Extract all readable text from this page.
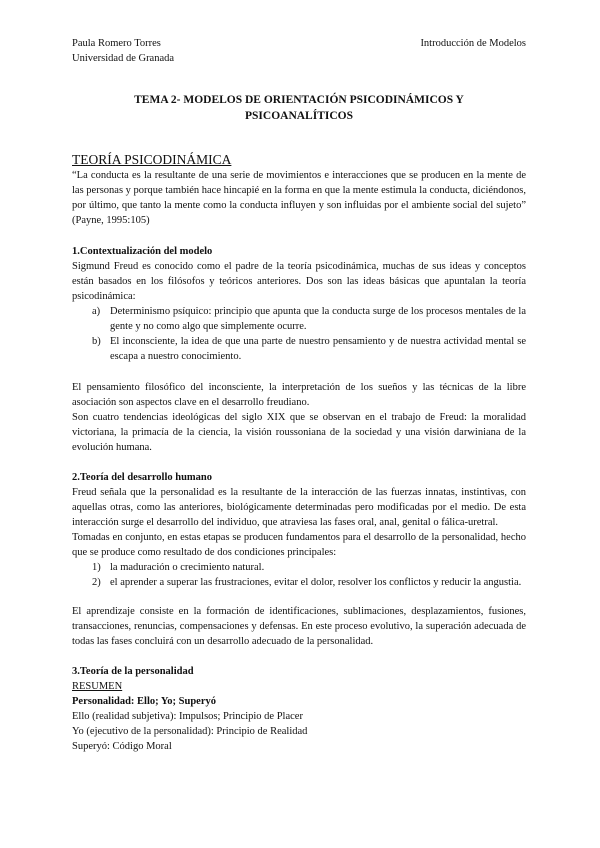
Paula Romero Torres
Universidad de Granada
Introducción de Modelos
TEMA 2- MODELOS DE ORIENTACIÓN PSICODINÁMICOS Y PSICOANALÍTICOS
TEORÍA PSICODINÁMICA

“La conducta es la resultante de una serie de movimientos e interacciones que se producen en la mente de las personas y porque también hace hincapié en la forma en que la mente estimula la conducta, diciéndonos, por último, que tanto la mente como la conducta influyen y son influidas por el ambiente social del sujeto” (Payne, 1995:105)

1.Contextualización del modelo

Sigmund Freud es conocido como el padre de la teoría psicodinámica, muchas de sus ideas y conceptos están basados en los filósofos y teóricos anteriores. Dos son las ideas básicas que apuntalan la teoría psicodinámica:

a) Determinismo psíquico: principio que apunta que la conducta surge de los procesos mentales de la gente y no como algo que simplemente ocurre.
b) El inconsciente, la idea de que una parte de nuestro pensamiento y de nuestra actividad mental se escapa a nuestro conocimiento.

El pensamiento filosófico del inconsciente, la interpretación de los sueños y las técnicas de la libre asociación son aspectos clave en el desarrollo freudiano.

Son cuatro tendencias ideológicas del siglo XIX que se observan en el trabajo de Freud: la moralidad victoriana, la primacía de la ciencia, la visión roussoniana de la sociedad y una visión darwiniana de la evolución humana.

2.Teoría del desarrollo humano

Freud señala que la personalidad es la resultante de la interacción de las fuerzas innatas, instintivas, con aquellas otras, como las anteriores, biológicamente determinadas pero modificadas por el medio. De esta interacción surge el desarrollo del individuo, que atraviesa las fases oral, anal, genital o fálica-uretral.

Tomadas en conjunto, en estas etapas se producen fundamentos para el desarrollo de la personalidad, hecho que se produce como resultado de dos condiciones principales:

1) la maduración o crecimiento natural.
2) el aprender a superar las frustraciones, evitar el dolor, resolver los conflictos y reducir la angustia.

El aprendizaje consiste en la formación de identificaciones, sublimaciones, desplazamientos, fusiones, transacciones, renuncias, compensaciones y defensas. En este proceso evolutivo, la superación adecuada de todas las fases concluirá con un desarrollo adecuado de la personalidad.

3.Teoría de la personalidad
RESUMEN
Personalidad: Ello; Yo; Superyó
Ello (realidad subjetiva): Impulsos; Principio de Placer
Yo (ejecutivo de la personalidad): Principio de Realidad
Superyó: Código Moral
